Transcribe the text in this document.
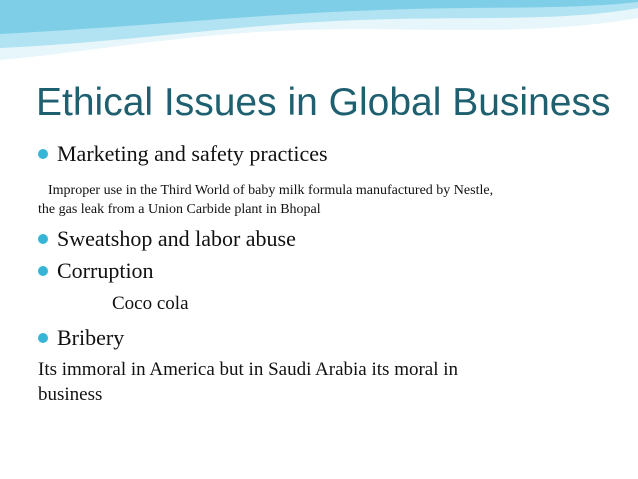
Ethical Issues in Global Business
Marketing and safety practices
Improper use in the Third World of baby milk formula manufactured by Nestle,
the gas leak from a Union Carbide plant in Bhopal
Sweatshop and labor abuse
Corruption
Coco cola
Bribery
Its immoral in America but in Saudi Arabia its moral in
business
